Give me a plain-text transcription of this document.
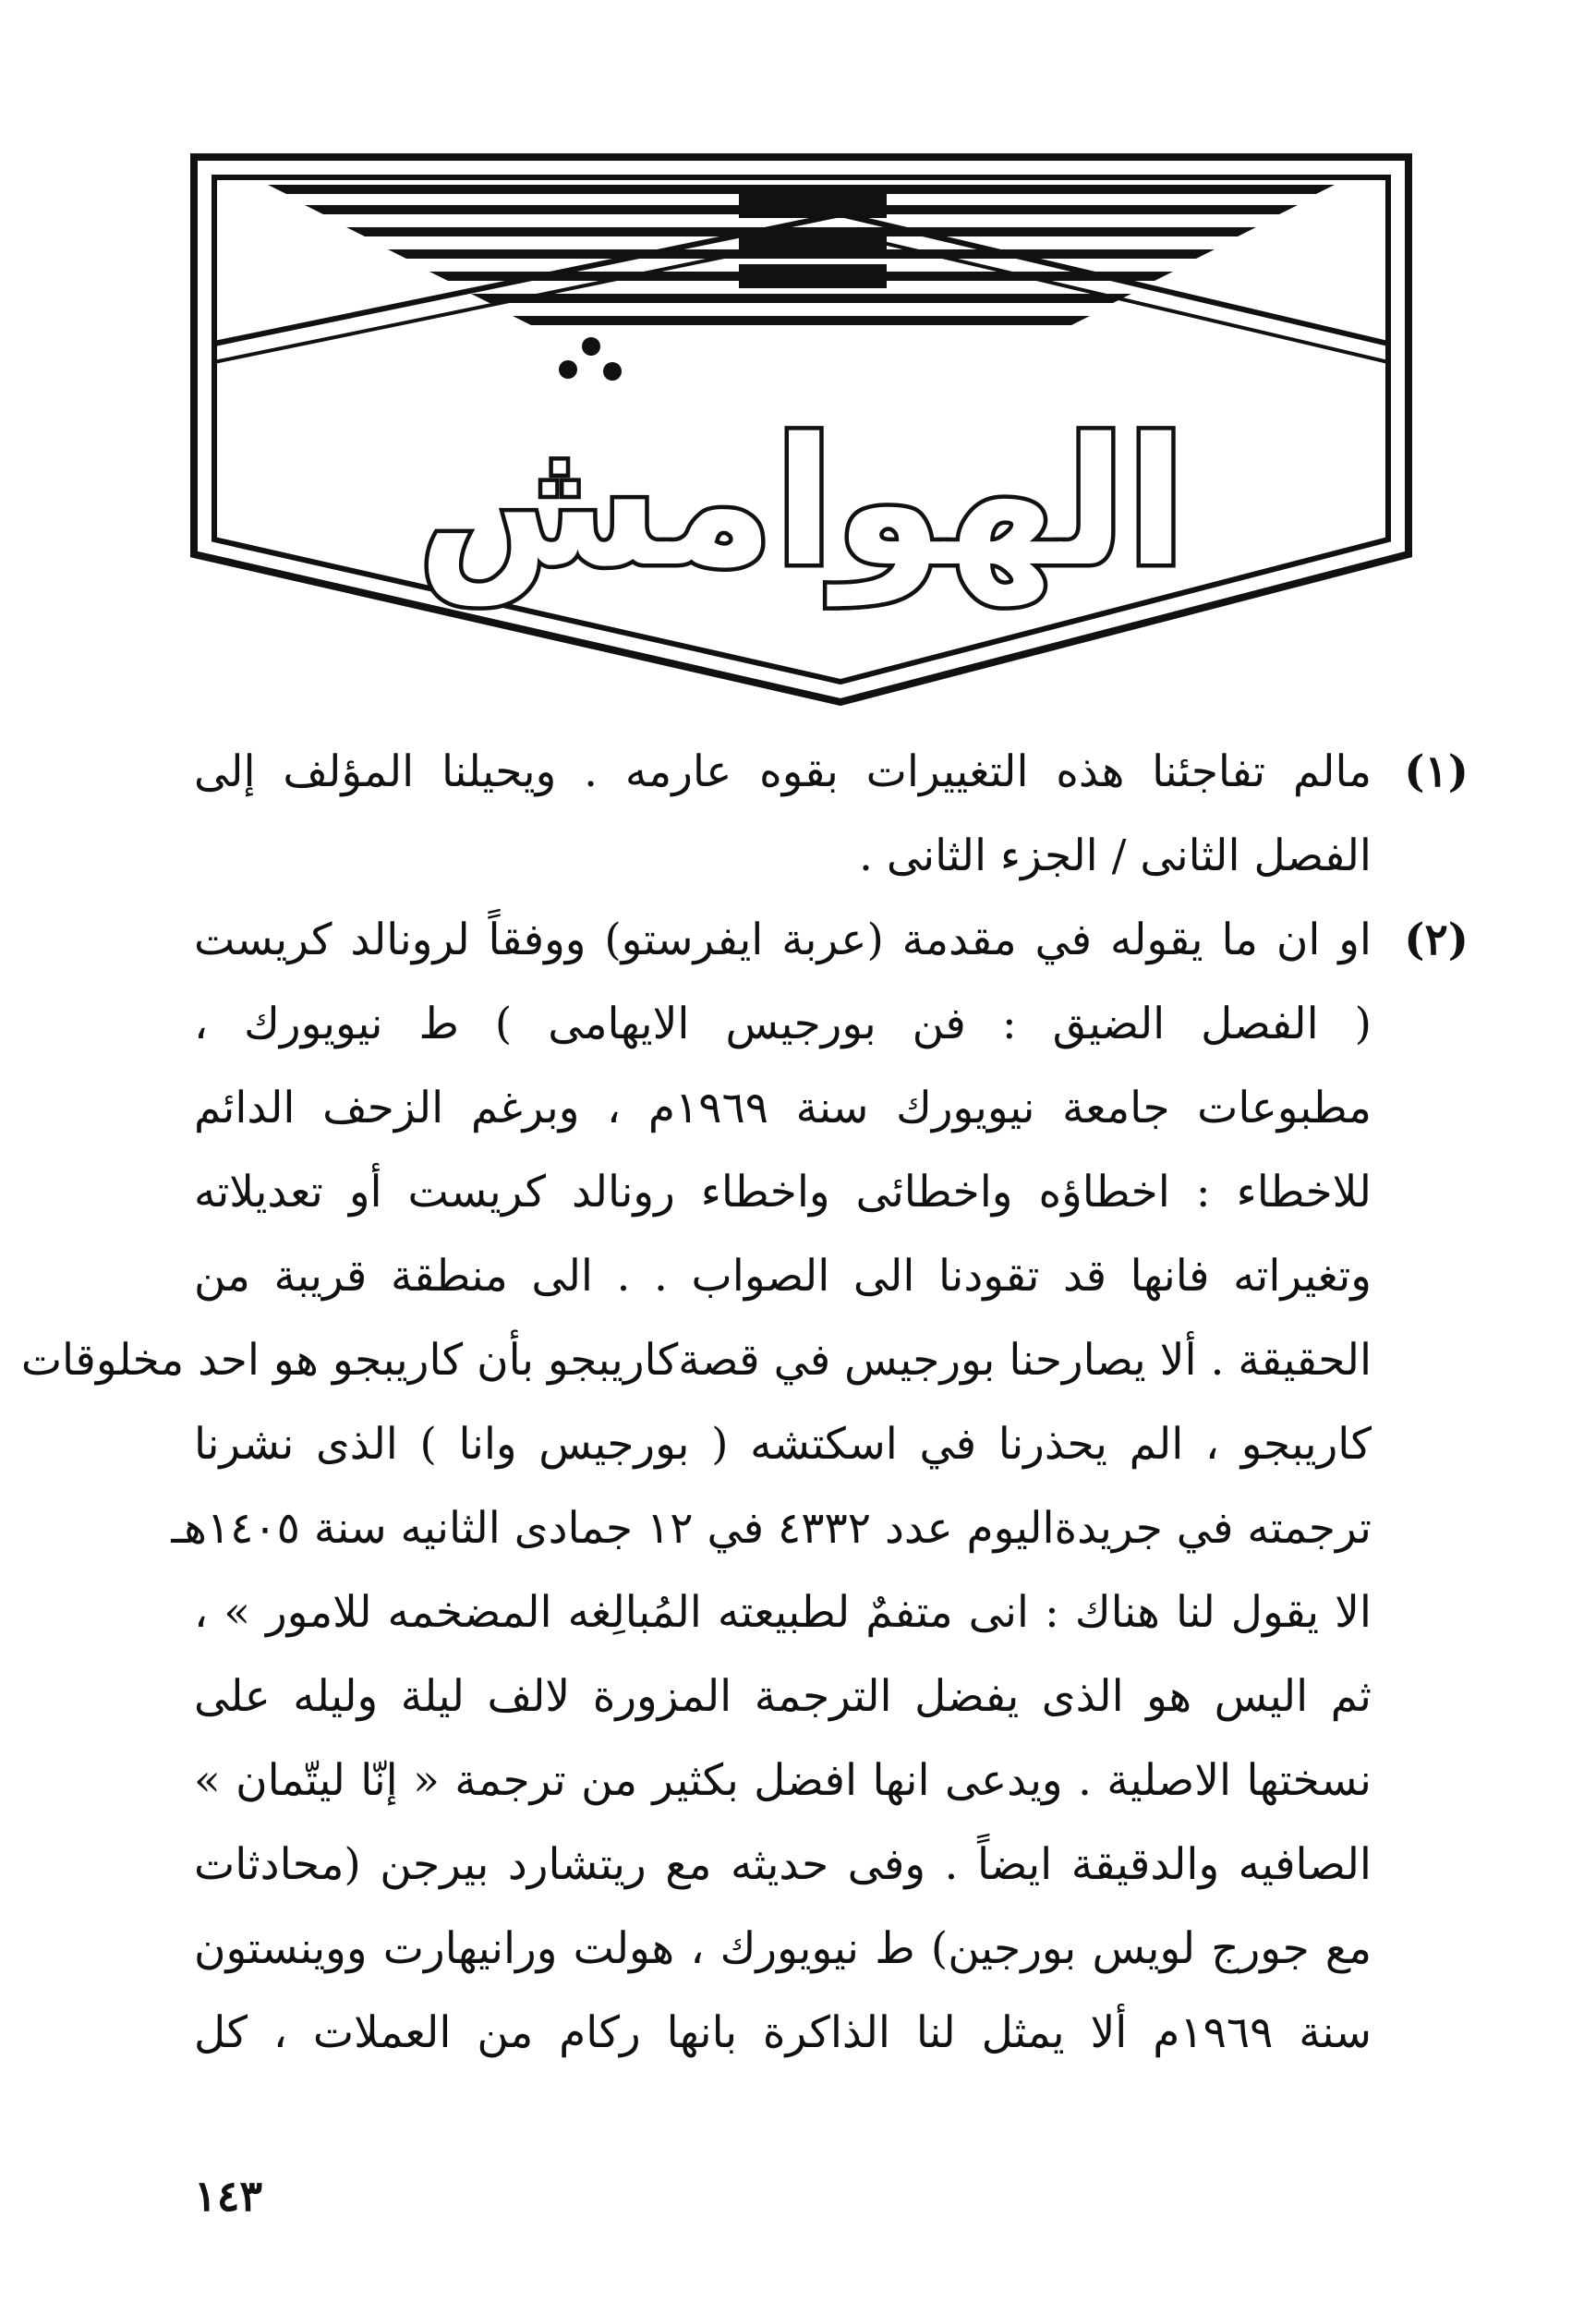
الهوامش
(١)
مالم تفاجئنا هذه التغييرات بقوه عارمه . ويحيلنا المؤلف إلى
الفصل الثانى / الجزء الثانى .
(٢)
او ان ما يقوله في مقدمة (عربة ايفرستو) ووفقاً لرونالد كريست
( الفصل الضيق : فن بورجيس الايهامى ) ط نيويورك ،
مطبوعات جامعة نيويورك سنة ١٩٦٩م ، وبرغم الزحف الدائم
للاخطاء : اخطاؤه واخطائى واخطاء رونالد كريست أو تعديلاته
وتغيراته فانها قد تقودنا الى الصواب . . الى منطقة قريبة من
الحقيقة . ألا يصارحنا بورجيس في قصةكاريبجو بأن كاريبجو هو احد مخلوقات
كاريبجو ، الم يحذرنا في اسكتشه ( بورجيس وانا ) الذى نشرنا
ترجمته في جريدةاليوم عدد ٤٣٣٢ في ١٢ جمادى الثانيه سنة ١٤٠٥هـ
الا يقول لنا هناك : انى متفمٌ لطبيعته المُبالِغه المضخمه للامور » ،
ثم اليس هو الذى يفضل الترجمة المزورة لالف ليلة وليله على
نسختها الاصلية . ويدعى انها افضل بكثير من ترجمة « إنّا ليتّمان »
الصافيه والدقيقة ايضاً . وفى حديثه مع ريتشارد بيرجن (محادثات
مع جورج لويس بورجين) ط نيويورك ، هولت ورانيهارت ووينستون
سنة ١٩٦٩م ألا يمثل لنا الذاكرة بانها ركام من العملات ، كل
١٤٣
